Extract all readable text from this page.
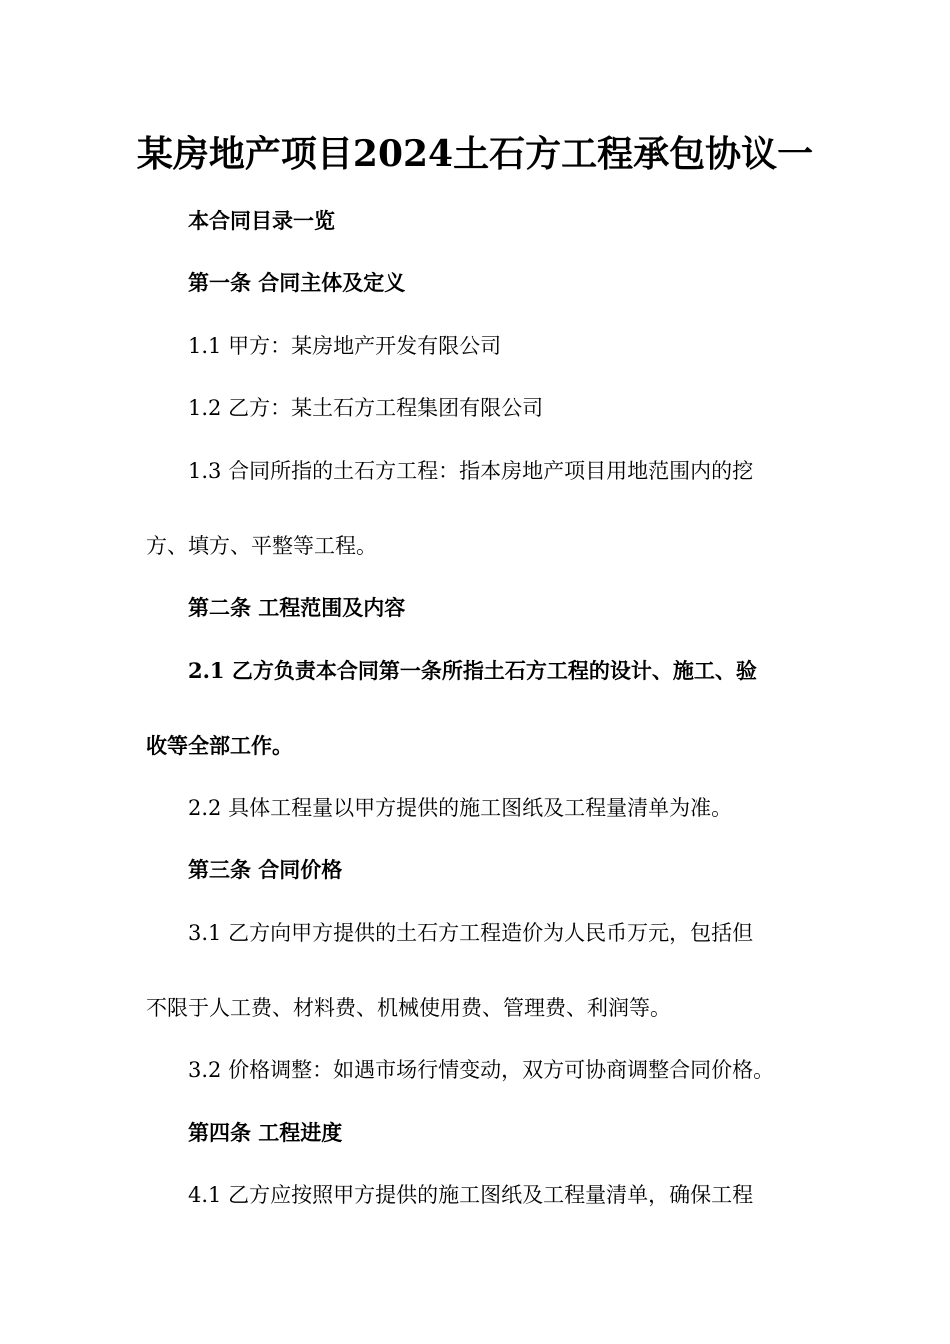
某房地产项目2024土石方工程承包协议一
本合同目录一览
第一条 合同主体及定义
1.1 甲方：某房地产开发有限公司
1.2 乙方：某土石方工程集团有限公司
1.3 合同所指的土石方工程：指本房地产项目用地范围内的挖
方、填方、平整等工程。
第二条 工程范围及内容
2.1 乙方负责本合同第一条所指土石方工程的设计、施工、验
收等全部工作。
2.2 具体工程量以甲方提供的施工图纸及工程量清单为准。
第三条 合同价格
3.1 乙方向甲方提供的土石方工程造价为人民币万元，包括但
不限于人工费、材料费、机械使用费、管理费、利润等。
3.2 价格调整：如遇市场行情变动，双方可协商调整合同价格。
第四条 工程进度
4.1 乙方应按照甲方提供的施工图纸及工程量清单，确保工程
